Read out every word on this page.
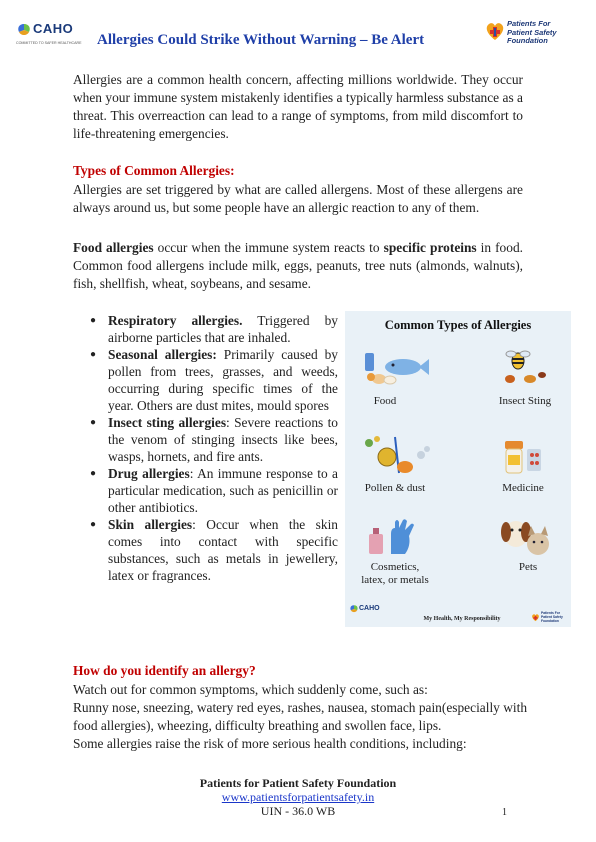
CAHO
COMMITTED TO SAFER HEALTHCARE Allergies Could Strike Without Warning – Be Alert
Patients For
Patient Safety
Foundation
Allergies are a common health concern, affecting millions worldwide. They occur when your immune system mistakenly identifies a typically harmless substance as a threat. This overreaction can lead to a range of symptoms, from mild discomfort to life-threatening emergencies.
Types of Common Allergies:
Allergies are set triggered by what are called allergens. Most of these allergens are always around us, but some people have an allergic reaction to any of them.
Food allergies occur when the immune system reacts to specific proteins in food. Common food allergens include milk, eggs, peanuts, tree nuts (almonds, walnuts), fish, shellfish, wheat, soybeans, and sesame.
● Respiratory allergies. Triggered by airborne particles that are inhaled.
● Seasonal allergies: Primarily caused by pollen from trees, grasses, and weeds, occurring during specific times of the year. Others are dust mites, mould spores
● Insect sting allergies: Severe reactions to the venom of stinging insects like bees, wasps, hornets, and fire ants.
● Drug allergies: An immune response to a particular medication, such as penicillin or other antibiotics.
● Skin allergies: Occur when the skin comes into contact with specific substances, such as metals in jewellery, latex or fragrances.
Common Types of Allergies
Food	Insect Sting
Pollen & dust	Medicine
Cosmetics,
latex, or metals
Pets
CAHO
My Health, My Responsibility
Patients For Patient Safety Foundation
How do you identify an allergy?
Watch out for common symptoms, which suddenly come, such as:
Runny nose, sneezing, watery red eyes, rashes, nausea, stomach pain(especially with food allergies), wheezing, difficulty breathing and swollen face, lips.
Some allergies raise the risk of more serious health conditions, including:
Patients for Patient Safety Foundation
www.patientsforpatientsafety.in
UIN - 36.0 WB	1
